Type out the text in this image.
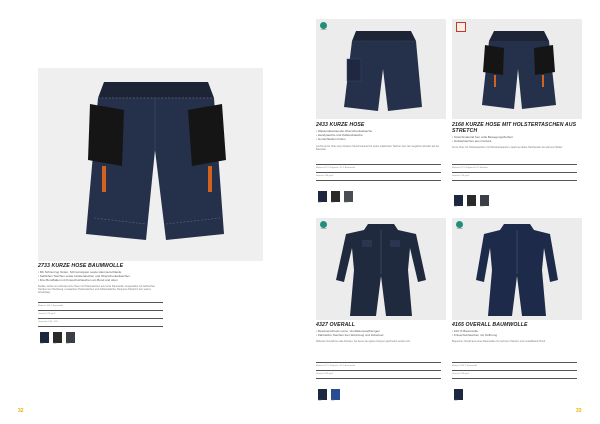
2733 KURZE HOSE BAUMWOLLE
• Mit Schnurzug hinten, Schnurstopper sowie Hammerschlaufe
• Seitlichen Taschen sowie Holstertaschen und Oberschenkeltaschen
• Drei Bundfalten mit Knieschutztaschen am Bund und oben
Dunkle, leichte und robuste kurze Hose mit Holstertaschen aus reiner Baumwolle. Ausgestattet mit zahlreichen Taschen fuer Werkzeug, verstaerkten Holstertaschen und Zollstocktasche. Bequeme Passform fuer warme Arbeitstage.
Material: 100 % Baumwolle
Gewicht: 270 g/m2
Groessen: C44 - C62
9980	9999	9990
32
certified
2433 KURZE HOSE
• Wasserabweisende Oberschenkeltasche
• Handytasche und Zollstocktasche
• Gurtschlaufen hinten
Leichte kurze Hose aus robustem Stretchmaterial mit vielen praktischen Taschen fuer den taeglichen Einsatz auf der Baustelle.
Material: 65 % Polyester, 35 % Baumwolle
Gewicht: 260 g/m2
9980	9999	9990
2168 KURZE HOSE MIT HOLSTERTASCHEN AUS STRETCH
• Stretchmaterial fuer volle Bewegungsfreiheit
• Holstertaschen aus Cordura
Kurze Hose mit Holstertaschen und Stretcheinsaetzen, ideal fuer aktive Handwerker bei warmem Wetter.
Material: 92 % Polyamid, 8 % Elasthan
Gewicht: 250 g/m2
9980	9999	9990
certified
4327 OVERALL
• Reissverschluss vorne, Ventilationsoeffnungen
• Zahlreiche Taschen fuer Werkzeug und Zubehoer
Robuster Overall fuer alle Arbeiten, bei denen der ganze Koerper geschuetzt werden soll.
Material: 65 % Polyester, 35 % Baumwolle
Gewicht: 245 g/m2
9980	9970
certified
4165 OVERALL BAUMWOLLE
• 100 % Baumwolle
• Knieschutztaschen mit Oeffnung
Bequemer Overall aus reiner Baumwolle mit mehreren Taschen und verstellbarem Bund.
Material: 100 % Baumwolle
Gewicht: 290 g/m2
9980
33
